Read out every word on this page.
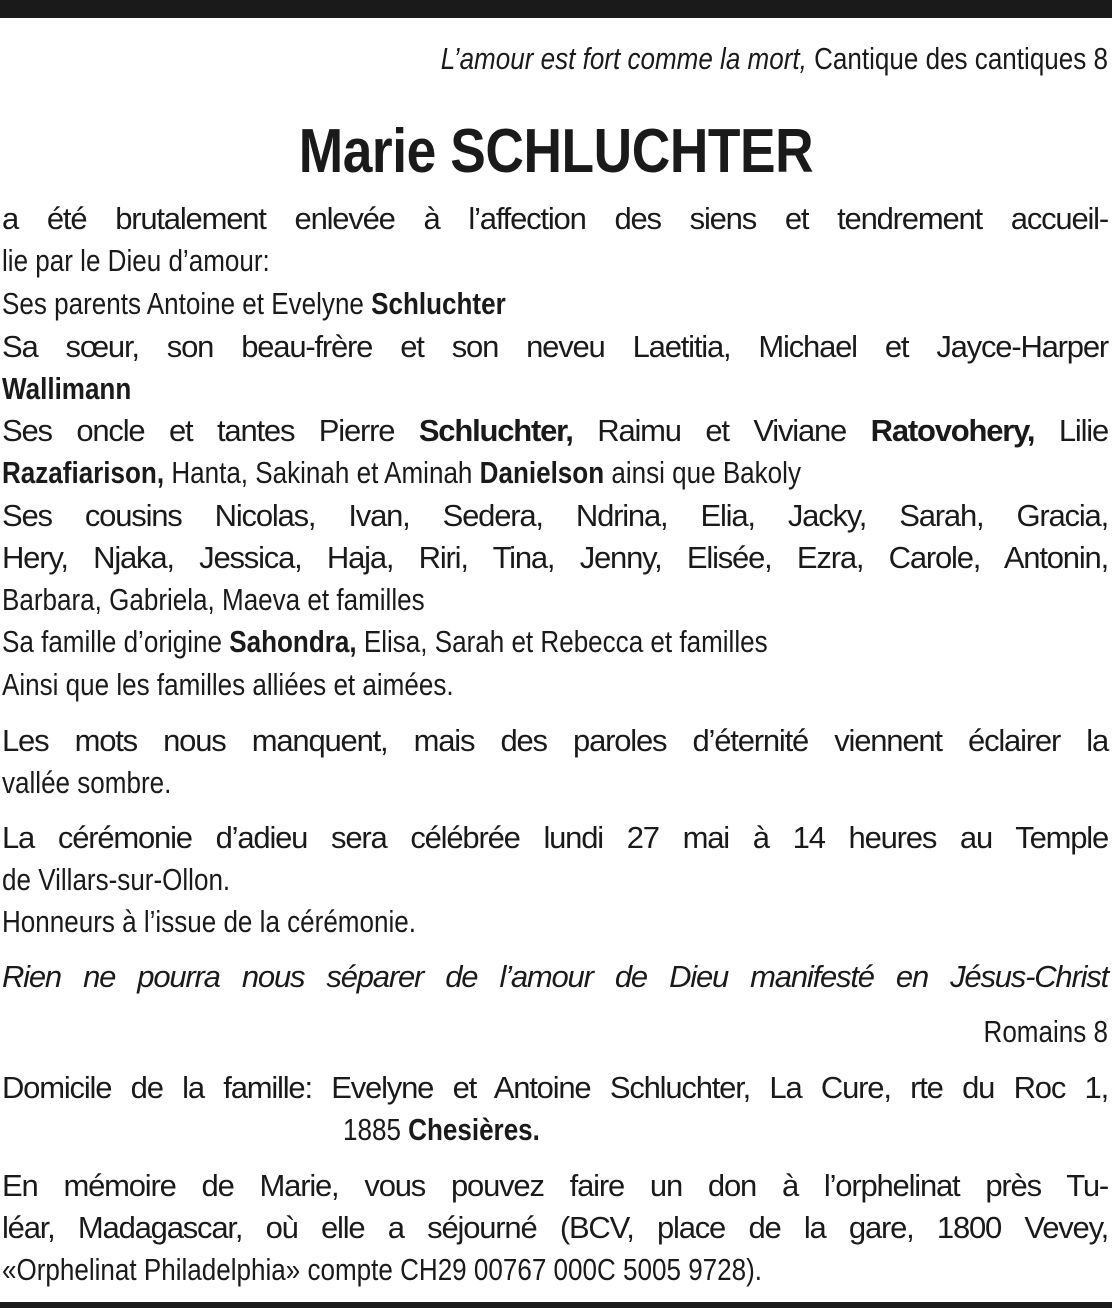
L’amour est fort comme la mort, Cantique des cantiques 8

Marie SCHLUCHTER

a été brutalement enlevée à l’affection des siens et tendrement accueil-

lie par le Dieu d’amour:

Ses parents Antoine et Evelyne Schluchter

Sa sœur, son beau-frère et son neveu Laetitia, Michael et Jayce-Harper

Wallimann

Ses oncle et tantes Pierre Schluchter, Raimu et Viviane Ratovohery, Lilie

Razafiarison, Hanta, Sakinah et Aminah Danielson ainsi que Bakoly

Ses cousins Nicolas, Ivan, Sedera, Ndrina, Elia, Jacky, Sarah, Gracia,

Hery, Njaka, Jessica, Haja, Riri, Tina, Jenny, Elisée, Ezra, Carole, Antonin,

Barbara, Gabriela, Maeva et familles

Sa famille d’origine Sahondra, Elisa, Sarah et Rebecca et familles

Ainsi que les familles alliées et aimées.

Les mots nous manquent, mais des paroles d’éternité viennent éclairer la

vallée sombre.

La cérémonie d’adieu sera célébrée lundi 27 mai à 14 heures au Temple

de Villars-sur-Ollon.

Honneurs à l’issue de la cérémonie.

Rien ne pourra nous séparer de l’amour de Dieu manifesté en Jésus-Christ

Romains 8

Domicile de la famille: Evelyne et Antoine Schluchter, La Cure, rte du Roc 1,

1885 Chesières.

En mémoire de Marie, vous pouvez faire un don à l’orphelinat près Tu-

léar, Madagascar, où elle a séjourné (BCV, place de la gare, 1800 Vevey,

«Orphelinat Philadelphia» compte CH29 00767 000C 5005 9728).
